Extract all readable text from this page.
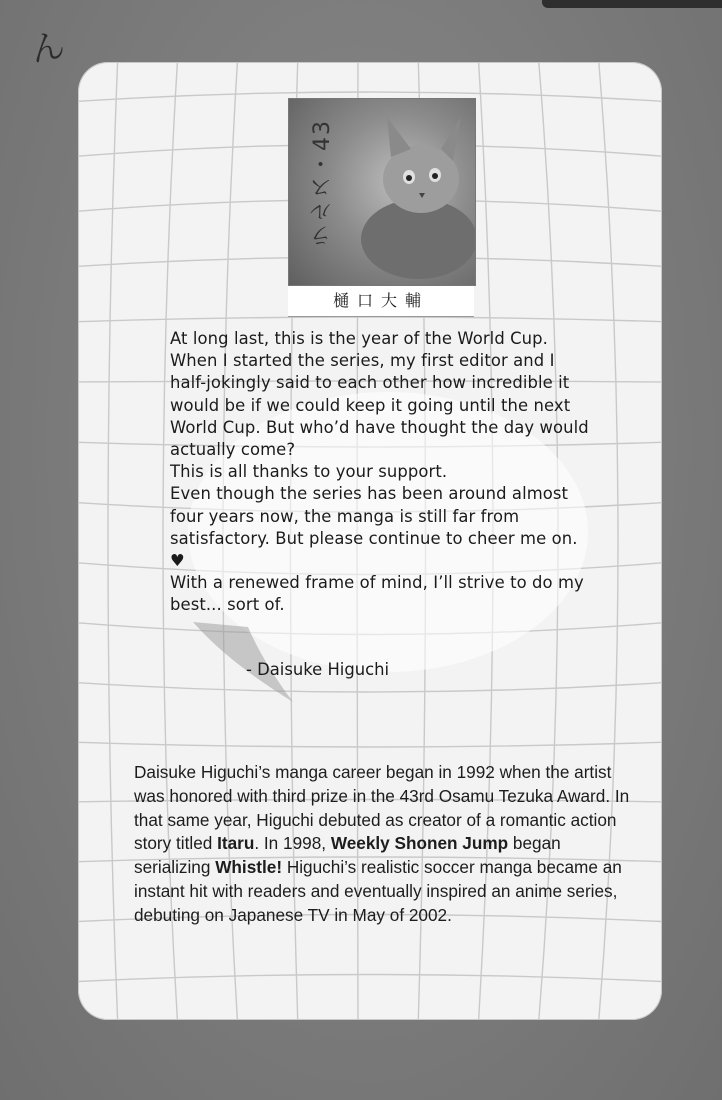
ん
ラルス・43
樋口大輔

At long last, this is the year of the World Cup.

When I started the series, my first editor and I half-jokingly said to each other how incredible it would be if we could keep it going until the next World Cup. But who’d have thought the day would actually come?

This is all thanks to your support.

Even though the series has been around almost four years now, the manga is still far from satisfactory. But please continue to cheer me on. ♥

With a renewed frame of mind, I’ll strive to do my best... sort of.

- Daisuke Higuchi
Daisuke Higuchi’s manga career began in 1992 when the artist was honored with third prize in the 43rd Osamu Tezuka Award. In that same year, Higuchi debuted as creator of a romantic action story titled Itaru. In 1998, Weekly Shonen Jump began serializing Whistle! Higuchi’s realistic soccer manga became an instant hit with readers and eventually inspired an anime series, debuting on Japanese TV in May of 2002.
